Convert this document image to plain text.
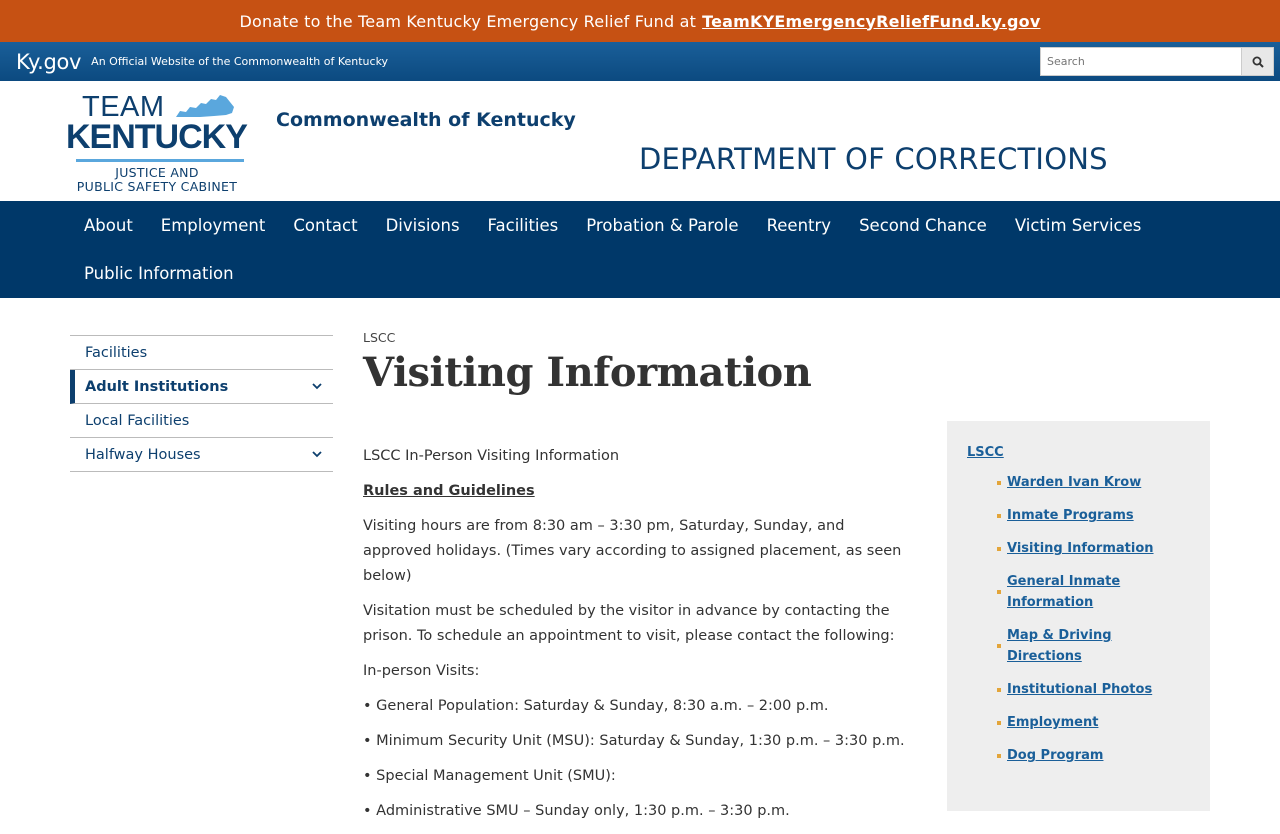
Donate to the Team Kentucky Emergency Relief Fund at TeamKYEmergencyReliefFund.ky.gov
Ky.gov An Official Website of the Commonwealth of Kentucky
Search
TEAM
KENTUCKY
JUSTICE AND
PUBLIC SAFETY CABINET
Commonwealth of Kentucky
DEPARTMENT OF CORRECTIONS
About	Employment	Contact	Divisions	Facilities	Probation & Parole	Reentry	Second Chance	Victim Services
Public Information
Facilities
Adult Institutions
Local Facilities
Halfway Houses
LSCC
Visiting Information

LSCC In-Person Visiting Information

Rules and Guidelines

Visiting hours are from 8:30 am – 3:30 pm, Saturday, Sunday, and approved holidays. (Times vary according to assigned placement, as seen below)

Visitation must be scheduled by the visitor in advance by contacting the prison. To schedule an appointment to visit, please contact the following:

In-person Visits:

• General Population: Saturday & Sunday, 8:30 a.m. – 2:00 p.m.

• Minimum Security Unit (MSU): Saturday & Sunday, 1:30 p.m. – 3:30 p.m.

• Special Management Unit (SMU):

• Administrative SMU – Sunday only, 1:30 p.m. – 3:30 p.m.

LSCC
Warden Ivan Krow
Inmate Programs
Visiting Information
General Inmate Information
Map & Driving Directions
Institutional Photos
Employment
Dog Program
